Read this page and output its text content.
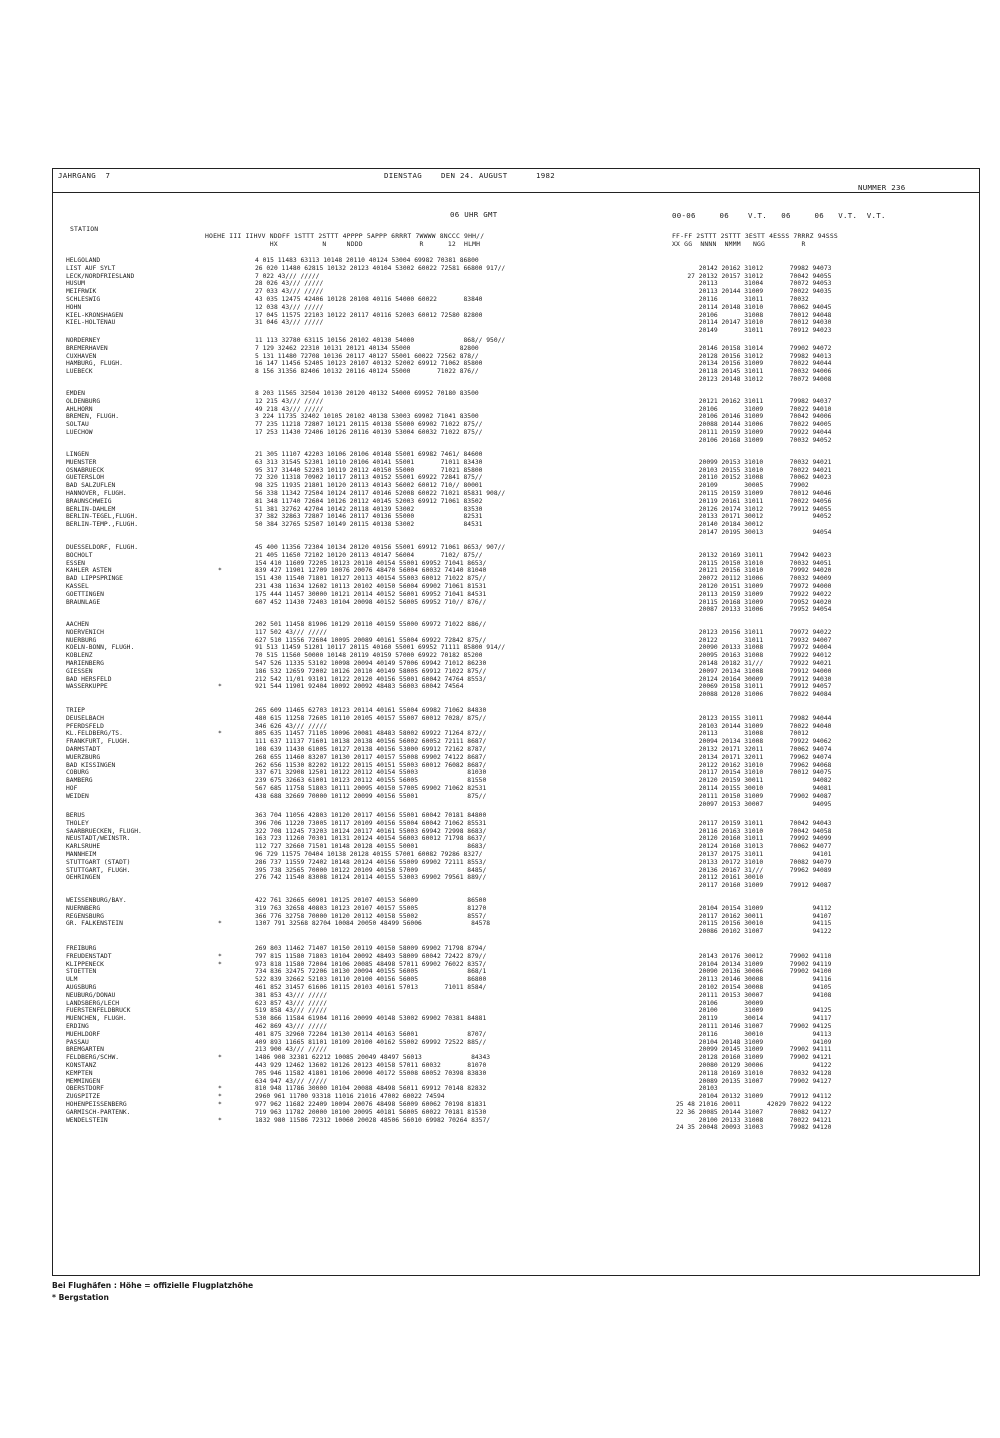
JAHRGANG  7	DIENSTAG    DEN 24. AUGUST      1982
NUMMER 236
06 UHR GMT	00-06     06    V.T.   06     06   V.T.  V.T.
STATION
HOEHE III IIHVV NDDFF 1STTT 2STTT 4PPPP 5APPP 6RRRT 7WWWW 8NCCC 9HH//
HX           N     NDDD              R      12  HLMH
FF-FF 2STTT 2STTT 3ESTT 4ESSS 7RRRZ 94SSS
XX GG  NNNN  NMMM   NGG         R
HELGOLAND	4 015 11483 63113 10148 20110 40124 53004 69982 70381 86800
LIST AUF SYLT	26 020 11480 62815 10132 20123 40104 53002 60022 72581 66800 917//	20142 20162 31012       79982 94073
LECK/NORDFRIESLAND	7 022 43/// /////	27 20132 20157 31012       70042 94055
HUSUM	28 026 43/// /////	20113       31004       70072 94053
MEIFRWIK	27 033 43/// /////	20113 20144 31009       70022 94035
SCHLESWIG	43 035 12475 42406 10128 20108 40116 54000 60022       83840	20116       31011       70032
HOHN	12 038 43/// /////	20114 20148 31010       70062 94045
KIEL-KRONSHAGEN	17 045 11575 22103 10122 20117 40116 52003 60012 72580 82800	20106       31008       70012 94048
KIEL-HOLTENAU	31 046 43/// /////	20114 20147 31010       70012 94030
20149       31011       70912 94023
NORDERNEY	11 113 32780 63115 10156 20102 40130 54000             868// 950//
BREMERHAVEN	7 129 32462 22310 10131 20121 40134 55000             82800	20146 20158 31014       79902 94072
CUXHAVEN	5 131 11480 72708 10136 20117 40127 55001 60022 72562 878//	20128 20156 31012       79982 94013
HAMBURG, FLUGH.	16 147 11456 52405 10123 20107 40132 52002 69912 71062 85800	20134 20156 31009       70022 94044
LUEBECK	8 156 31356 82406 10132 20116 40124 55000       71022 876//	20118 20145 31011       70032 94006
20123 20148 31012       70072 94008
EMDEN	8 203 11565 32504 10130 20120 40132 54000 69952 70180 83500
OLDENBURG	12 215 43/// /////	20121 20162 31011       79982 94037
AHLHORN	49 218 43/// /////	20106       31009       70022 94010
BREMEN, FLUGH.	3 224 11735 32402 10105 20102 40138 53003 69902 71041 83500	20106 20146 31009       70042 94006
SOLTAU	77 235 11218 72807 10121 20115 40138 55000 69902 71022 875//	20088 20144 31006       70022 94005
LUECHOW	17 253 11430 72406 10126 20116 40139 53004 60032 71022 875//	20111 20159 31009       79922 94044
20106 20168 31009       70032 94052
LINGEN	21 305 11107 42203 10106 20106 40148 55001 69982 7461/ 84600
MUENSTER	63 313 31545 52301 10110 20106 40141 55001       71011 83430	20099 20153 31010       70032 94021
OSNABRUECK	95 317 31440 52203 10119 20112 40150 55000       71021 85800	20103 20155 31010       70022 94021
GUETERSLOH	72 320 11318 70902 10117 20113 40152 55001 69922 72841 875//	20110 20152 31008       70062 94023
BAD SALZUFLEN	98 325 11935 21801 10120 20113 40143 56002 60012 710// 80001	20109       30005       79902
HANNOVER, FLUGH.	56 338 11342 72504 10124 20117 40146 52008 60022 71021 85831 908//	20115 20159 31009       70012 94046
BRAUNSCHWEIG	81 348 11740 72604 10126 20112 40145 52003 69912 71061 83502	20119 20161 31011       70022 94056
BERLIN-DAHLEM	51 381 32762 42704 10142 20118 40139 53002             83530	20126 20174 31012       79912 94055
BERLIN-TEGEL,FLUGH.	37 382 32863 72807 10146 20117 40136 55000             82531	20133 20171 30012             94052
BERLIN-TEMP.,FLUGH.	50 384 32765 52507 10149 20115 40138 53002             84531	20140 20184 30012
20147 20195 30013             94054
DUESSELDORF, FLUGH.	45 400 11356 72304 10134 20120 40156 55001 69912 71061 8653/ 907//
BOCHOLT	21 405 11650 72102 10120 20113 40147 56004       7102/ 875//	20132 20169 31011       79942 94023
ESSEN	154 410 11609 72205 10123 20110 40154 55001 69952 71041 8653/	20115 20150 31010       70032 94051
KAHLER ASTEN	*	839 427 11901 12709 10076 20076 48470 56004 60032 74140 81040	20121 20156 31010       79992 94020
BAD LIPPSPRINGE	151 430 11540 71801 10127 20113 40154 55003 60012 71022 875//	20072 20112 31006       70032 94009
KASSEL	231 438 11634 12602 10113 20102 40150 56004 69902 71061 81531	20120 20151 31009       79972 94000
GOETTINGEN	175 444 11457 30000 10121 20114 40152 56001 69952 71041 84531	20113 20159 31009       79922 94022
BRAUNLAGE	607 452 11430 72403 10104 20098 40152 56005 69952 710// 876//	20115 20168 31009       79952 94020
20087 20133 31006       79952 94054
AACHEN	202 501 11458 81906 10129 20110 40159 55000 69972 71022 886//
NOERVENICH	117 502 43/// /////	20123 20156 31011       79972 94022
NUERBURG	627 510 11556 72604 10095 20089 40161 55004 69922 72842 875//	20122       31011       79932 94007
KOELN-BONN, FLUGH.	91 513 11459 51201 10117 20115 40160 55001 69952 71111 85800 914//	20090 20133 31008       79972 94004
KOBLENZ	70 515 11560 50000 10148 20119 40159 57000 69922 70182 85200	20095 20163 31008       79922 94012
MARIENBERG	547 526 11335 53102 10098 20094 40149 57006 69942 71012 86230	20148 20182 31///       79922 94021
GIESSEN	186 532 12659 72002 10126 20110 40149 58005 69912 71022 875//	20097 20134 31008       79912 94000
BAD HERSFELD	212 542 11/01 93101 10122 20120 40156 55001 60042 74764 8553/	20124 20164 30009       79912 94030
WASSERKUPPE	*	921 544 11901 92404 10092 20092 48483 56003 60042 74564	20069 20158 31011       79912 94057
20088 20120 31006       70022 94084
TRIEP	265 609 11465 62703 10123 20114 40161 55004 69982 71062 84830
DEUSELBACH	480 615 11258 72605 10110 20105 40157 55007 60012 7028/ 875//	20123 20155 31011       79982 94044
PFERDSFELD	346 626 43/// /////	20103 20144 31009       70022 94040
KL.FELDBERG/TS.	*	805 635 11457 71105 10096 20081 48483 58002 69922 71264 872//	20113       31008       70012
FRANKFURT, FLUGH.	111 637 11137 71601 10138 20138 40156 56002 60052 72111 8687/	20094 20134 31008       79922 94062
DARMSTADT	108 639 11430 61005 10127 20138 40156 53000 69912 72162 8787/	20132 20171 32011       70062 94074
WUERZBURG	268 655 11460 83207 10130 20117 40157 55008 69902 74122 8687/	20134 20171 32011       79962 94074
BAD KISSINGEN	262 656 11530 82202 10122 20115 40151 55003 60012 76082 8687/	20122 20162 31010       79962 94068
COBURG	337 671 32908 12501 10122 20112 40154 55003             81030	20117 20154 31010       70012 94075
BAMBERG	239 675 32663 61001 10123 20112 40155 56005             81550	20120 20159 30011             94082
HOF	567 685 11758 51803 10111 20095 40150 57005 69902 71062 82531	20114 20155 30010             94081
WEIDEN	438 688 32669 70000 10112 20099 40156 55001             875//	20111 20150 31009       79902 94087
20097 20153 30007             94095
BERUS	363 704 11056 42803 10120 20117 40156 55001 60042 70181 84800
THOLEY	396 706 11220 73005 10117 20109 40156 55004 60042 71062 85531	20117 20159 31011       70042 94043
SAARBRUECKEN, FLUGH.	322 708 11245 73203 10124 20117 40161 55003 69942 72998 8683/	20116 20163 31010       70042 94058
NEUSTADT/WEINSTR.	163 723 11260 70301 10131 20124 40154 56003 60012 71798 8637/	20120 20160 31011       79992 94099
KARLSRUHE	112 727 32660 71501 10148 20128 40155 50001             8683/	20124 20160 31013       70062 94077
MANNHEIM	96 729 11575 70404 10138 20128 40155 57001 60082 79286 8327/	20137 20175 31011             94101
STUTTGART (STADT)	286 737 11559 72402 10148 20124 40156 55009 69902 72111 8553/	20133 20172 31010       70082 94079
STUTTGART, FLUGH.	395 738 32565 70000 10122 20109 40158 57009             8485/	20136 20167 31///       79962 94089
OEHRINGEN	276 742 11540 83008 10124 20114 40155 53003 69902 79561 889//	20112 20161 30010
20117 20160 31009       79912 94087
WEISSENBURG/BAY.	422 761 32665 60901 10125 20107 40153 56009             86500
NUERNBERG	319 763 32658 40803 10123 20107 40157 55005             81270	20104 20154 31009             94112
REGENSBURG	366 776 32758 70000 10120 20112 40158 55002             8557/	20117 20162 30011             94107
GR. FALKENSTEIN	*	1307 791 32568 82704 10084 20050 48499 56006             84578	20115 20156 30010             94115
20086 20102 31007             94122
FREIBURG	269 803 11462 71407 10150 20119 40150 58009 69902 71798 8794/
FREUDENSTADT	*	797 815 11580 71803 10104 20092 48493 58009 60042 72422 879//	20143 20176 30012       79902 94110
KLIPPENECK	*	973 818 11580 72004 10106 20085 48498 57011 69902 76022 8357/	20104 20134 31009       79902 94119
STOETTEN	734 836 32475 72206 10130 20094 40155 56005             868/1	20090 20136 30006       79902 94100
ULM	522 839 32662 52103 10110 20100 40156 56005             86800	20113 20146 30008             94116
AUGSBURG	461 852 31457 61606 10115 20103 40161 57013       71011 8584/	20102 20154 30008             94105
NEUBURG/DONAU	381 853 43/// /////	20111 20153 30007             94108
LANDSBERG/LECH	623 857 43/// /////	20106       30009
FUERSTENFELDBRUCK	519 858 43/// /////	20100       31009             94125
MUENCHEN, FLUGH.	530 866 11584 61904 10116 20099 40148 53002 69902 70381 84881	20119       30014             94117
ERDING	462 869 43/// /////	20111 20146 31007       79902 94125
MUEHLDORF	401 875 32960 72204 10130 20114 40163 56001             8707/	20116       30010             94113
PASSAU	409 893 11665 81101 10109 20100 40162 55002 69992 72522 885//	20104 20148 31009             94109
BREMGARTEN	213 900 43/// /////	20099 20145 31009       79902 94111
FELDBERG/SCHW.	*	1486 908 32381 62212 10085 20049 48497 56013             84343	20128 20160 31009       79902 94121
KONSTANZ	443 929 12462 13602 10126 20123 40158 57011 60032       81070	20080 20129 30006             94122
KEMPTEN	705 946 11582 41801 10106 20090 40172 55008 60052 70398 83830	20118 20169 31010       70032 94128
MEMMINGEN	634 947 43/// /////	20089 20135 31007       79902 94127
OBERSTDORF	*	810 948 11786 30000 10104 20088 48498 56011 69912 70148 82832	20103
ZUGSPITZE	*	2960 961 11700 93318 11016 21016 47002 60022 74594	20104 20132 31009       79912 94112
HOHENPEISSENBERG	*	977 962 11682 22409 10094 20076 48498 56009 60062 70198 81831	25 48 21016 20011       42029 70022 94122
GARMISCH-PARTENK.	719 963 11782 20000 10100 20095 40181 56005 60022 70181 81530	22 36 20085 20144 31007       70082 94127
WENDELSTEIN	*	1832 980 11586 72312 10060 20028 48506 56010 69982 70264 8357/	20100 20133 31008       70022 94121
24 35 20048 20093 31003       79982 94120
Bei Flughäfen : Höhe = offizielle Flugplatzhöhe
* Bergstation
